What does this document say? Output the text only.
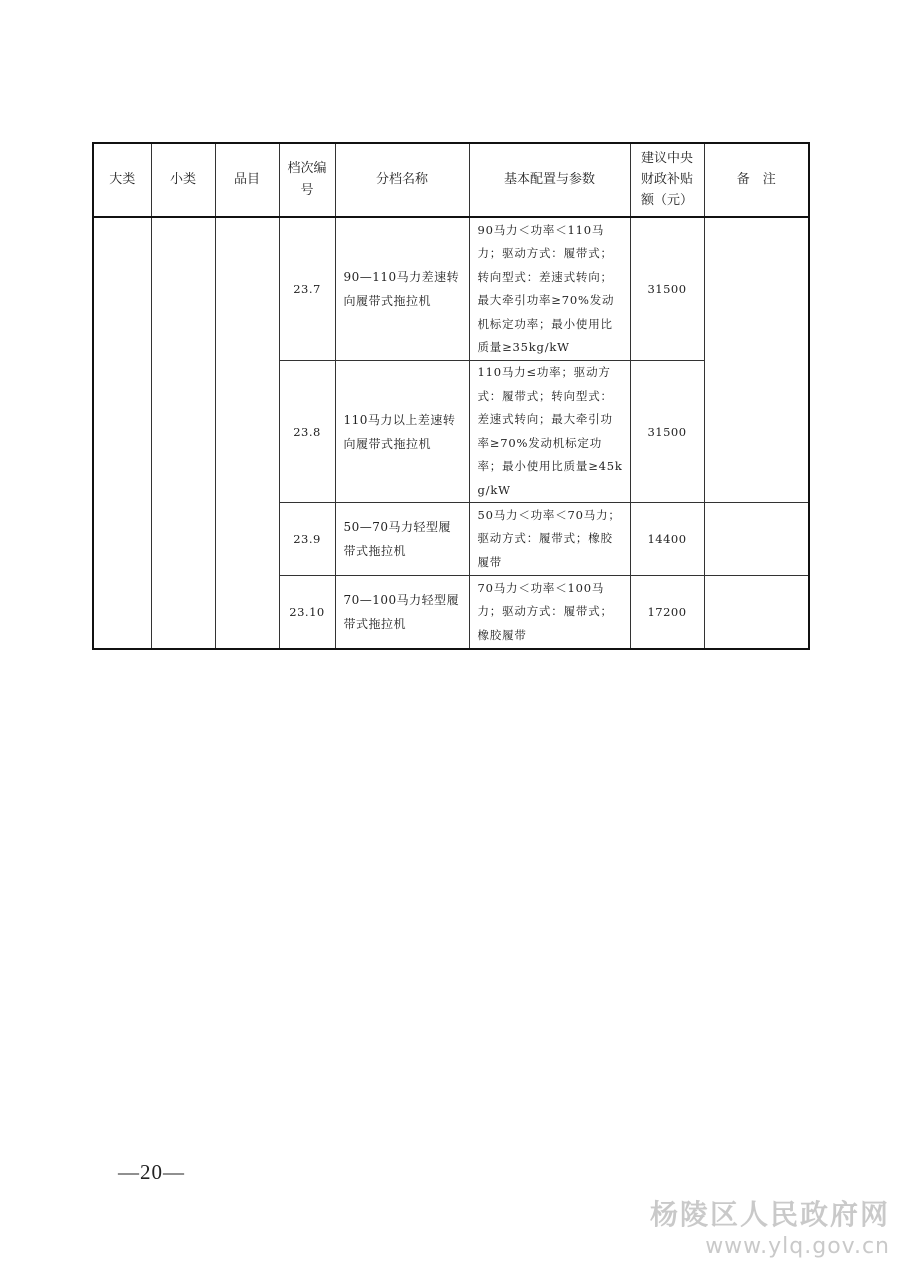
大类	小类	品目	档次编号	分档名称	基本配置与参数	建议中央财政补贴额（元）	备　注
			23.7	90—110马力差速转向履带式拖拉机	90马力＜功率＜110马力；驱动方式：履带式；转向型式：差速式转向；最大牵引功率≥70%发动机标定功率；最小使用比质量≥35kg/kW	31500	
			23.8	110马力以上差速转向履带式拖拉机	110马力≤功率；驱动方式：履带式；转向型式：差速式转向；最大牵引功率≥70%发动机标定功率；最小使用比质量≥45kg/kW	31500	
			23.9	50—70马力轻型履带式拖拉机	50马力＜功率＜70马力；驱动方式：履带式；橡胶履带	14400	
			23.10	70—100马力轻型履带式拖拉机	70马力＜功率＜100马力；驱动方式：履带式；橡胶履带	17200	
—20—
杨陵区人民政府网
www.ylq.gov.cn
